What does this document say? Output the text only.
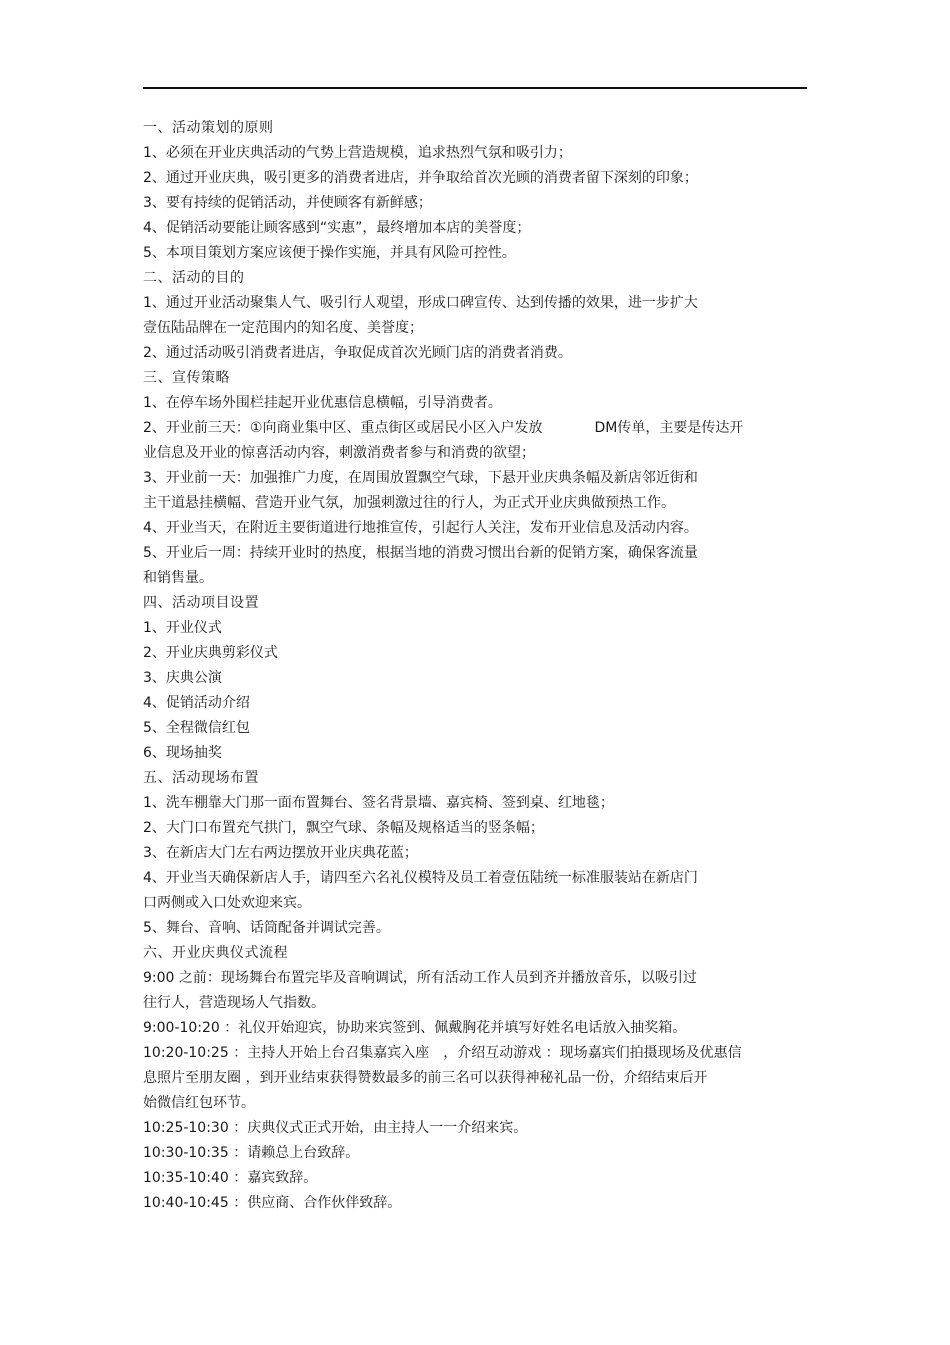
一、活动策划的原则
1、必须在开业庆典活动的气势上营造规模，追求热烈气氛和吸引力；
2、通过开业庆典，吸引更多的消费者进店，并争取给首次光顾的消费者留下深刻的印象；
3、要有持续的促销活动，并使顾客有新鲜感；
4、促销活动要能让顾客感到“实惠”，最终增加本店的美誉度；
5、本项目策划方案应该便于操作实施，并具有风险可控性。
二、活动的目的
1、通过开业活动聚集人气、吸引行人观望，形成口碑宣传、达到传播的效果，进一步扩大
壹伍陆品牌在一定范围内的知名度、美誉度；
2、通过活动吸引消费者进店，争取促成首次光顾门店的消费者消费。
三、宣传策略
1、在停车场外围栏挂起开业优惠信息横幅，引导消费者。
2、开业前三天：①向商业集中区、重点街区或居民小区入户发放	DM传单，主要是传达开
业信息及开业的惊喜活动内容，刺激消费者参与和消费的欲望；
3、开业前一天：加强推广力度，在周围放置飘空气球，下悬开业庆典条幅及新店邻近街和
主干道悬挂横幅、营造开业气氛，加强刺激过往的行人，为正式开业庆典做预热工作。
4、开业当天，在附近主要街道进行地推宣传，引起行人关注，发布开业信息及活动内容。
5、开业后一周：持续开业时的热度，根据当地的消费习惯出台新的促销方案，确保客流量
和销售量。
四、活动项目设置
1、开业仪式
2、开业庆典剪彩仪式
3、庆典公演
4、促销活动介绍
5、全程微信红包
6、现场抽奖
五、活动现场布置
1、洗车棚靠大门那一面布置舞台、签名背景墙、嘉宾椅、签到桌、红地毯；
2、大门口布置充气拱门，飘空气球、条幅及规格适当的竖条幅；
3、在新店大门左右两边摆放开业庆典花蓝；
4、开业当天确保新店人手，请四至六名礼仪模特及员工着壹伍陆统一标准服装站在新店门
口两侧或入口处欢迎来宾。
5、舞台、音响、话筒配备并调试完善。
六、开业庆典仪式流程
9:00 之前：现场舞台布置完毕及音响调试，所有活动工作人员到齐并播放音乐，以吸引过
往行人，营造现场人气指数。
9:00-10:20 ：礼仪开始迎宾，协助来宾签到、佩戴胸花并填写好姓名电话放入抽奖箱。
10:20-10:25 ：主持人开始上台召集嘉宾入座　，介绍互动游戏 ：现场嘉宾们拍摄现场及优惠信
息照片至朋友圈 ，到开业结束获得赞数最多的前三名可以获得神秘礼品一份，介绍结束后开
始微信红包环节。
10:25-10:30 ：庆典仪式正式开始，由主持人一一介绍来宾。
10:30-10:35 ：请赖总上台致辞。
10:35-10:40 ：嘉宾致辞。
10:40-10:45 ：供应商、合作伙伴致辞。
